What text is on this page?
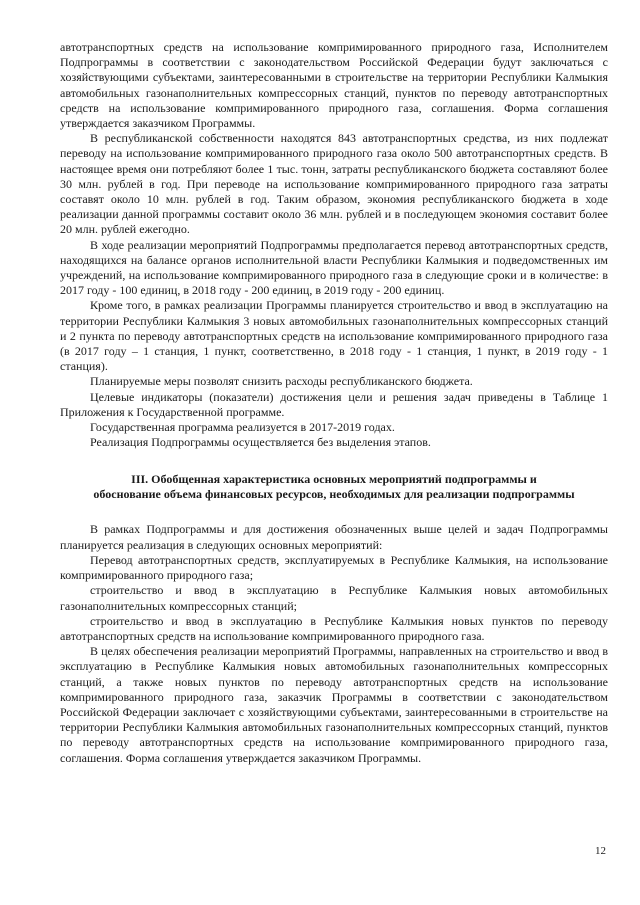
автотранспортных средств на использование компримированного природного газа, Исполнителем Подпрограммы в соответствии с законодательством Российской Федерации будут заключаться с хозяйствующими субъектами, заинтересованными в строительстве на территории Республики Калмыкия автомобильных газонаполнительных компрессорных станций, пунктов по переводу автотранспортных средств на использование компримированного природного газа, соглашения. Форма соглашения утверждается заказчиком Программы.

В республиканской собственности находятся 843 автотранспортных средства, из них подлежат переводу на использование компримированного природного газа около 500 автотранспортных средств. В настоящее время они потребляют более 1 тыс. тонн, затраты республиканского бюджета составляют более 30 млн. рублей в год. При переводе на использование компримированного природного газа затраты составят около 10 млн. рублей в год. Таким образом, экономия республиканского бюджета в ходе реализации данной программы составит около 36 млн. рублей и в последующем экономия составит более 20 млн. рублей ежегодно.

В ходе реализации мероприятий Подпрограммы предполагается перевод автотранспортных средств, находящихся на балансе органов исполнительной власти Республики Калмыкия и подведомственных им учреждений, на использование компримированного природного газа в следующие сроки и в количестве: в 2017 году - 100 единиц, в 2018 году - 200 единиц, в 2019 году - 200 единиц.

Кроме того, в рамках реализации Программы планируется строительство и ввод в эксплуатацию на территории Республики Калмыкия 3 новых автомобильных газонаполнительных компрессорных станций и 2 пункта по переводу автотранспортных средств на использование компримированного природного газа (в 2017 году – 1 станция, 1 пункт, соответственно, в 2018 году - 1 станция, 1 пункт, в 2019 году - 1 станция).

Планируемые меры позволят снизить расходы республиканского бюджета.

Целевые индикаторы (показатели) достижения цели и решения задач приведены в Таблице 1 Приложения к Государственной программе.

Государственная программа реализуется в 2017-2019 годах.

Реализация Подпрограммы осуществляется без выделения этапов.

III. Обобщенная характеристика основных мероприятий подпрограммы и
обоснование объема финансовых ресурсов, необходимых для реализации подпрограммы

В рамках Подпрограммы и для достижения обозначенных выше целей и задач Подпрограммы планируется реализация в следующих основных мероприятий:

Перевод автотранспортных средств, эксплуатируемых в Республике Калмыкия, на использование компримированного природного газа;

строительство и ввод в эксплуатацию в Республике Калмыкия новых автомобильных газонаполнительных компрессорных станций;

строительство и ввод в эксплуатацию в Республике Калмыкия новых пунктов по переводу автотранспортных средств на использование компримированного природного газа.

В целях обеспечения реализации мероприятий Программы, направленных на строительство и ввод в эксплуатацию в Республике Калмыкия новых автомобильных газонаполнительных компрессорных станций, а также новых пунктов по переводу автотранспортных средств на использование компримированного природного газа, заказчик Программы в соответствии с законодательством Российской Федерации заключает с хозяйствующими субъектами, заинтересованными в строительстве на территории Республики Калмыкия автомобильных газонаполнительных компрессорных станций, пунктов по переводу автотранспортных средств на использование компримированного природного газа, соглашения. Форма соглашения утверждается заказчиком Программы.

12
